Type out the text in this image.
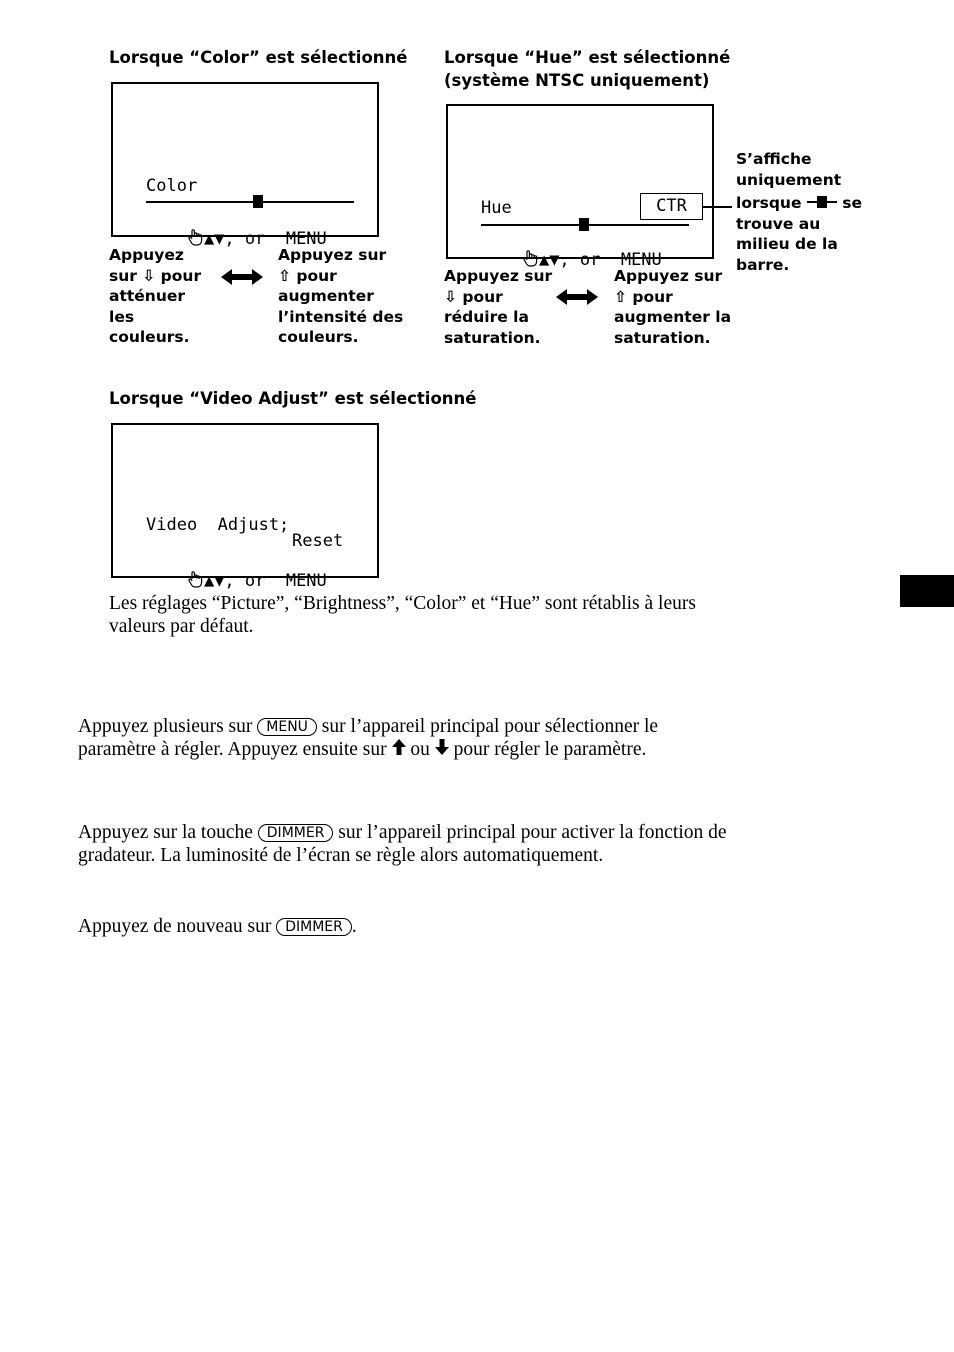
Lorsque “Color” est sélectionné
Color

▲▼, or  MENU

Appuyez
sur ⇩ pour
atténuer
les
couleurs.
Appuyez sur
⇧ pour
augmenter
l’intensité des
couleurs.
Lorsque “Hue” est sélectionné
(système NTSC uniquement)
Hue	CTR

▲▼, or  MENU

S’affiche
uniquement
lorsque	se
trouve au
milieu de la
barre.
Appuyez sur
⇩ pour
réduire la
saturation.
Appuyez sur
⇧ pour
augmenter la
saturation.
Lorsque “Video Adjust” est sélectionné
Video  Adjust;
Reset

▲▼, or  MENU

Les réglages “Picture”, “Brightness”, “Color” et “Hue” sont rétablis à leurs
valeurs par défaut.
Appuyez plusieurs sur MENU sur l’appareil principal pour sélectionner le
paramètre à régler. Appuyez ensuite sur ou pour régler le paramètre.
Appuyez sur la touche DIMMER sur l’appareil principal pour activer la fonction de
gradateur. La luminosité de l’écran se règle alors automatiquement.
Appuyez de nouveau sur DIMMER .
